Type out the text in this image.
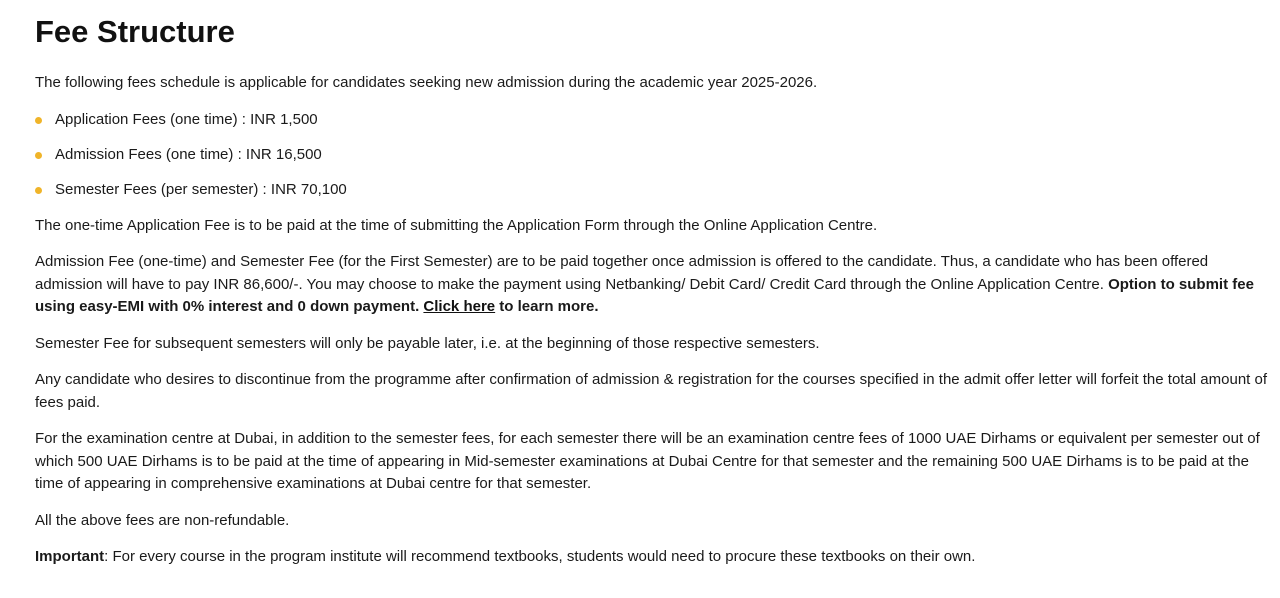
Fee Structure

The following fees schedule is applicable for candidates seeking new admission during the academic year 2025-2026.

Application Fees (one time) : INR 1,500
Admission Fees (one time) : INR 16,500
Semester Fees (per semester) : INR 70,100

The one-time Application Fee is to be paid at the time of submitting the Application Form through the Online Application Centre.

Admission Fee (one-time) and Semester Fee (for the First Semester) are to be paid together once admission is offered to the candidate. Thus, a candidate who has been offered admission will have to pay INR 86,600/-. You may choose to make the payment using Netbanking/ Debit Card/ Credit Card through the Online Application Centre. Option to submit fee using easy-EMI with 0% interest and 0 down payment. Click here to learn more.

Semester Fee for subsequent semesters will only be payable later, i.e. at the beginning of those respective semesters.

Any candidate who desires to discontinue from the programme after confirmation of admission & registration for the courses specified in the admit offer letter will forfeit the total amount of fees paid.

For the examination centre at Dubai, in addition to the semester fees, for each semester there will be an examination centre fees of 1000 UAE Dirhams or equivalent per semester out of which 500 UAE Dirhams is to be paid at the time of appearing in Mid-semester examinations at Dubai Centre for that semester and the remaining 500 UAE Dirhams is to be paid at the time of appearing in comprehensive examinations at Dubai centre for that semester.

All the above fees are non-refundable.

Important: For every course in the program institute will recommend textbooks, students would need to procure these textbooks on their own.
